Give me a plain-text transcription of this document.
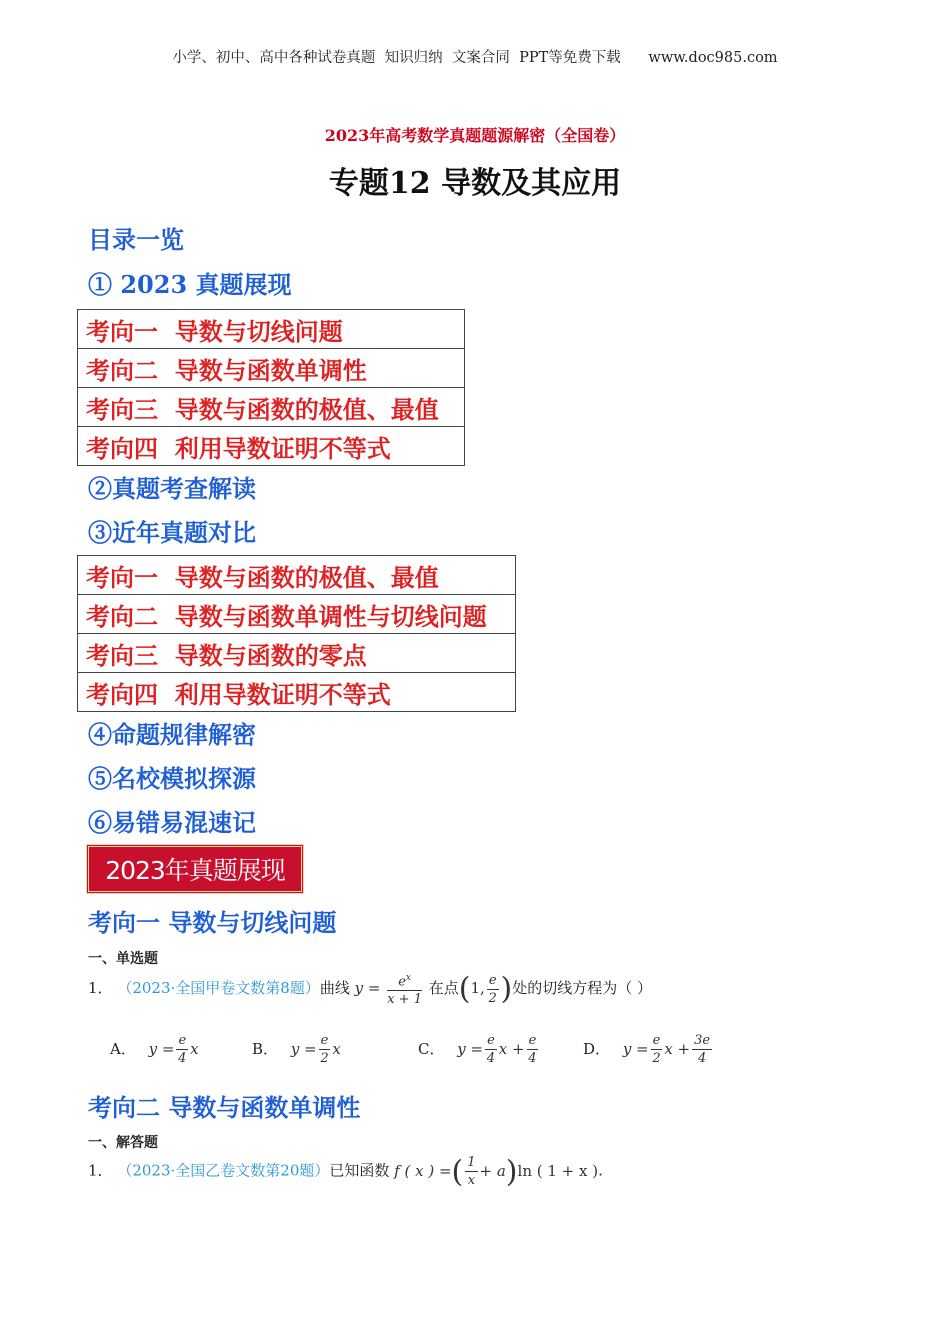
小学、初中、高中各种试卷真题  知识归纳  文案合同  PPT等免费下载      www.doc985.com
2023年高考数学真题题源解密（全国卷）
专题12 导数及其应用
目录一览
① 2023 真题展现
考向一  导数与切线问题
考向二  导数与函数单调性
考向三  导数与函数的极值、最值
考向四  利用导数证明不等式
②真题考查解读
③近年真题对比
考向一  导数与函数的极值、最值
考向二  导数与函数单调性与切线问题
考向三  导数与函数的零点
考向四  利用导数证明不等式
④命题规律解密
⑤名校模拟探源
⑥易错易混速记
2023年真题展现
考向一 导数与切线问题
一、单选题
1． （2023·全国甲卷文数第8题）曲线 $y = \frac{e^x}{x + 1}$ 在点(1, $\frac{e}{2}$ )处的切线方程为（ ）
A． $y = \frac{e}{4}$ x	B． $y = \frac{e}{2}$ x	C． $y = \frac{e}{4}$ $x + \frac{e}{4}$	D． $y = \frac{e}{2}$ $x + \frac{3e}{4}$
考向二 导数与函数单调性
一、解答题
1． （2023·全国乙卷文数第20题）已知函数 f ( x ) =( $\frac{1}{x} + a)\ln$ ( 1 + x ).
